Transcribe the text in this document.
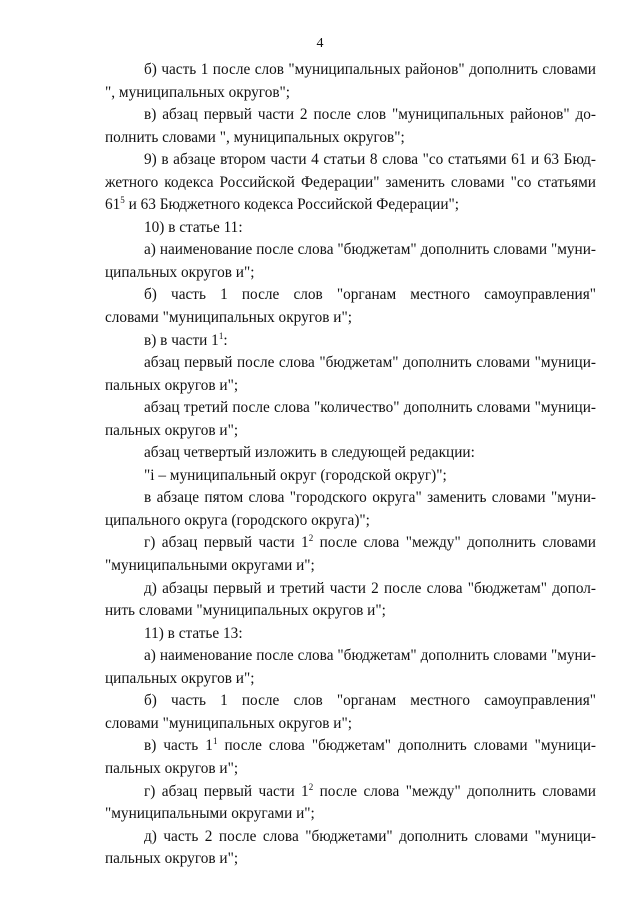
4
б) часть 1 после слов "муниципальных районов" дополнить словами
", муниципальных округов";
в) абзац первый части 2 после слов "муниципальных районов" до-
полнить словами ", муниципальных округов";
9) в абзаце втором части 4 статьи 8 слова "со статьями 61 и 63 Бюд-
жетного кодекса Российской Федерации" заменить словами "со статьями
$61^5$ и 63 Бюджетного кодекса Российской Федерации";
10) в статье 11:
а) наименование после слова "бюджетам" дополнить словами "муни-
ципальных округов и";
б) часть 1 после слов "органам местного самоуправления"
словами "муниципальных округов и";
в) в части $1^1$:
абзац первый после слова "бюджетам" дополнить словами "муници-
пальных округов и";
абзац третий после слова "количество" дополнить словами "муници-
пальных округов и";
абзац четвертый изложить в следующей редакции:
"i – муниципальный округ (городской округ)";
в абзаце пятом слова "городского округа" заменить словами "муни-
ципального округа (городского округа)";
г) абзац первый части $1^2$ после слова "между" дополнить словами
"муниципальными округами и";
д) абзацы первый и третий части 2 после слова "бюджетам" допол-
нить словами "муниципальных округов и";
11) в статье 13:
а) наименование после слова "бюджетам" дополнить словами "муни-
ципальных округов и";
б) часть 1 после слов "органам местного самоуправления"
словами "муниципальных округов и";
в) часть $1^1$ после слова "бюджетам" дополнить словами "муници-
пальных округов и";
г) абзац первый части $1^2$ после слова "между" дополнить словами
"муниципальными округами и";
д) часть 2 после слова "бюджетами" дополнить словами "муници-
пальных округов и";
